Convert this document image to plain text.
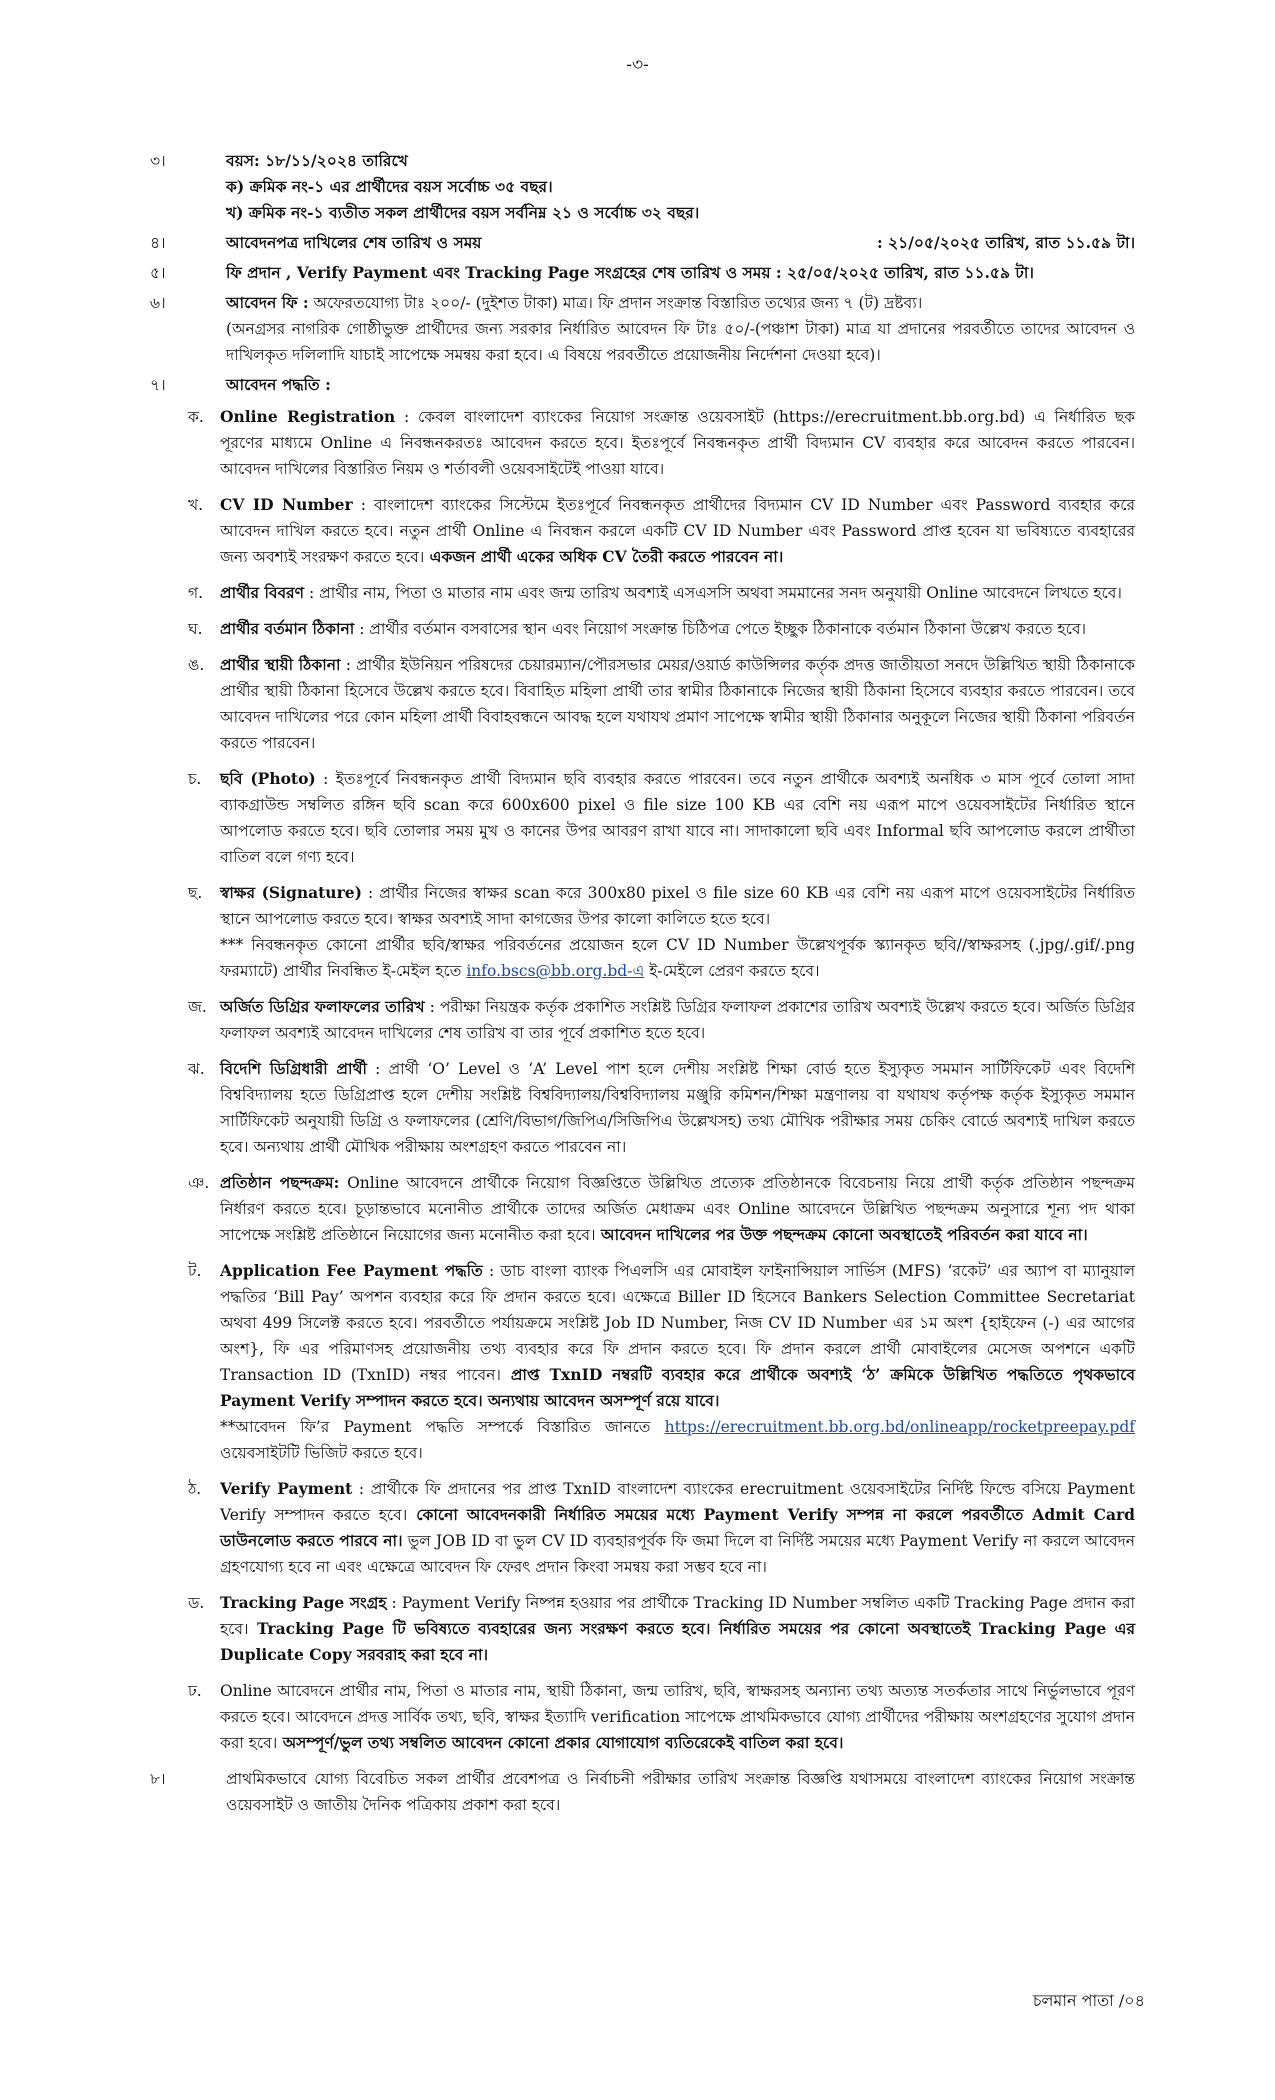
-৩-
৩।	বয়স: ১৮/১১/২০২৪ তারিখে
ক) ক্রমিক নং-১ এর প্রার্থীদের বয়স সর্বোচ্চ ৩৫ বছর।
খ) ক্রমিক নং-১ ব্যতীত সকল প্রার্থীদের বয়স সর্বনিম্ন ২১ ও সর্বোচ্চ ৩২ বছর।
৪।	: ২১/০৫/২০২৫ তারিখ, রাত ১১.৫৯ টা।
আবেদনপত্র দাখিলের শেষ তারিখ ও সময়
৫।	ফি প্রদান , Verify Payment এবং Tracking Page সংগ্রহের শেষ তারিখ ও সময় : ২৫/০৫/২০২৫ তারিখ, রাত ১১.৫৯ টা।
৬।	আবেদন ফি : অফেরতযোগ্য টাঃ ২০০/- (দুইশত টাকা) মাত্র। ফি প্রদান সংক্রান্ত বিস্তারিত তথ্যের জন্য ৭ (ট) দ্রষ্টব্য।
(অনগ্রসর নাগরিক গোষ্ঠীভুক্ত প্রার্থীদের জন্য সরকার নির্ধারিত আবেদন ফি টাঃ ৫০/-(পঞ্চাশ টাকা) মাত্র যা প্রদানের পরবর্তীতে তাদের আবেদন ও দাখিলকৃত দলিলাদি যাচাই সাপেক্ষে সমন্বয় করা হবে। এ বিষয়ে পরবর্তীতে প্রয়োজনীয় নির্দেশনা দেওয়া হবে)।
৭।	আবেদন পদ্ধতি :
ক.	Online Registration : কেবল বাংলাদেশ ব্যাংকের নিয়োগ সংক্রান্ত ওয়েবসাইট (https://erecruitment.bb.org.bd) এ নির্ধারিত ছক পূরণের মাধ্যমে Online এ নিবন্ধনকরতঃ আবেদন করতে হবে। ইতঃপূর্বে নিবন্ধনকৃত প্রার্থী বিদ্যমান CV ব্যবহার করে আবেদন করতে পারবেন। আবেদন দাখিলের বিস্তারিত নিয়ম ও শর্তাবলী ওয়েবসাইটেই পাওয়া যাবে।
খ.	CV ID Number : বাংলাদেশ ব্যাংকের সিস্টেমে ইতঃপূর্বে নিবন্ধনকৃত প্রার্থীদের বিদ্যমান CV ID Number এবং Password ব্যবহার করে আবেদন দাখিল করতে হবে। নতুন প্রার্থী Online এ নিবন্ধন করলে একটি CV ID Number এবং Password প্রাপ্ত হবেন যা ভবিষ্যতে ব্যবহারের জন্য অবশ্যই সংরক্ষণ করতে হবে। একজন প্রার্থী একের অধিক CV তৈরী করতে পারবেন না।
গ.	প্রার্থীর বিবরণ : প্রার্থীর নাম, পিতা ও মাতার নাম এবং জন্ম তারিখ অবশ্যই এসএসসি অথবা সমমানের সনদ অনুযায়ী Online আবেদনে লিখতে হবে।
ঘ.	প্রার্থীর বর্তমান ঠিকানা : প্রার্থীর বর্তমান বসবাসের স্থান এবং নিয়োগ সংক্রান্ত চিঠিপত্র পেতে ইচ্ছুক ঠিকানাকে বর্তমান ঠিকানা উল্লেখ করতে হবে।
ঙ.	প্রার্থীর স্থায়ী ঠিকানা : প্রার্থীর ইউনিয়ন পরিষদের চেয়ারম্যান/পৌরসভার মেয়র/ওয়ার্ড কাউন্সিলর কর্তৃক প্রদত্ত জাতীয়তা সনদে উল্লিখিত স্থায়ী ঠিকানাকে প্রার্থীর স্থায়ী ঠিকানা হিসেবে উল্লেখ করতে হবে। বিবাহিত মহিলা প্রার্থী তার স্বামীর ঠিকানাকে নিজের স্থায়ী ঠিকানা হিসেবে ব্যবহার করতে পারবেন। তবে আবেদন দাখিলের পরে কোন মহিলা প্রার্থী বিবাহবন্ধনে আবদ্ধ হলে যথাযথ প্রমাণ সাপেক্ষে স্বামীর স্থায়ী ঠিকানার অনুকূলে নিজের স্থায়ী ঠিকানা পরিবর্তন করতে পারবেন।
চ.	ছবি (Photo) : ইতঃপূর্বে নিবন্ধনকৃত প্রার্থী বিদ্যমান ছবি ব্যবহার করতে পারবেন। তবে নতুন প্রার্থীকে অবশ্যই অনধিক ৩ মাস পূর্বে তোলা সাদা ব্যাকগ্রাউন্ড সম্বলিত রঙ্গিন ছবি scan করে 600x600 pixel ও file size 100 KB এর বেশি নয় এরূপ মাপে ওয়েবসাইটের নির্ধারিত স্থানে আপলোড করতে হবে। ছবি তোলার সময় মুখ ও কানের উপর আবরণ রাখা যাবে না। সাদাকালো ছবি এবং Informal ছবি আপলোড করলে প্রার্থীতা বাতিল বলে গণ্য হবে।
ছ.	স্বাক্ষর (Signature) : প্রার্থীর নিজের স্বাক্ষর scan করে 300x80 pixel ও file size 60 KB এর বেশি নয় এরূপ মাপে ওয়েবসাইটের নির্ধারিত স্থানে আপলোড করতে হবে। স্বাক্ষর অবশ্যই সাদা কাগজের উপর কালো কালিতে হতে হবে।
*** নিবন্ধনকৃত কোনো প্রার্থীর ছবি/স্বাক্ষর পরিবর্তনের প্রয়োজন হলে CV ID Number উল্লেখপূর্বক স্ক্যানকৃত ছবি//স্বাক্ষরসহ (.jpg/.gif/.png ফরম্যাটে) প্রার্থীর নিবন্ধিত ই-মেইল হতে info.bscs@bb.org.bd-এ ই-মেইলে প্রেরণ করতে হবে।
জ. অর্জিত ডিগ্রির ফলাফলের তারিখ : পরীক্ষা নিয়ন্ত্রক কর্তৃক প্রকাশিত সংশ্লিষ্ট ডিগ্রির ফলাফল প্রকাশের তারিখ অবশ্যই উল্লেখ করতে হবে। অর্জিত ডিগ্রির ফলাফল অবশ্যই আবেদন দাখিলের শেষ তারিখ বা তার পূর্বে প্রকাশিত হতে হবে।
ঝ. বিদেশি ডিগ্রিধারী প্রার্থী : প্রার্থী ‘O’ Level ও ‘A’ Level পাশ হলে দেশীয় সংশ্লিষ্ট শিক্ষা বোর্ড হতে ইস্যুকৃত সমমান সার্টিফিকেট এবং বিদেশি বিশ্ববিদ্যালয় হতে ডিগ্রিপ্রাপ্ত হলে দেশীয় সংশ্লিষ্ট বিশ্ববিদ্যালয়/বিশ্ববিদ্যালয় মঞ্জুরি কমিশন/শিক্ষা মন্ত্রণালয় বা যথাযথ কর্তৃপক্ষ কর্তৃক ইস্যুকৃত সমমান সার্টিফিকেট অনুযায়ী ডিগ্রি ও ফলাফলের (শ্রেণি/বিভাগ/জিপিএ/সিজিপিএ উল্লেখসহ) তথ্য মৌখিক পরীক্ষার সময় চেকিং বোর্ডে অবশ্যই দাখিল করতে হবে। অন্যথায় প্রার্থী মৌখিক পরীক্ষায় অংশগ্রহণ করতে পারবেন না।
ঞ. প্রতিষ্ঠান পছন্দক্রম: Online আবেদনে প্রার্থীকে নিয়োগ বিজ্ঞপ্তিতে উল্লিখিত প্রত্যেক প্রতিষ্ঠানকে বিবেচনায় নিয়ে প্রার্থী কর্তৃক প্রতিষ্ঠান পছন্দক্রম নির্ধারণ করতে হবে। চূড়ান্তভাবে মনোনীত প্রার্থীকে তাদের অর্জিত মেধাক্রম এবং Online আবেদনে উল্লিখিত পছন্দক্রম অনুসারে শূন্য পদ থাকা সাপেক্ষে সংশ্লিষ্ট প্রতিষ্ঠানে নিয়োগের জন্য মনোনীত করা হবে। আবেদন দাখিলের পর উক্ত পছন্দক্রম কোনো অবস্থাতেই পরিবর্তন করা যাবে না।
ট.	Application Fee Payment পদ্ধতি : ডাচ বাংলা ব্যাংক পিএলসি এর মোবাইল ফাইনান্সিয়াল সার্ভিস (MFS) ‘রকেট’ এর অ্যাপ বা ম্যানুয়াল পদ্ধতির ‘Bill Pay’ অপশন ব্যবহার করে ফি প্রদান করতে হবে। এক্ষেত্রে Biller ID হিসেবে Bankers Selection Committee Secretariat অথবা 499 সিলেক্ট করতে হবে। পরবর্তীতে পর্যায়ক্রমে সংশ্লিষ্ট Job ID Number, নিজ CV ID Number এর ১ম অংশ {হাইফেন (-) এর আগের অংশ}, ফি এর পরিমাণসহ প্রয়োজনীয় তথ্য ব্যবহার করে ফি প্রদান করতে হবে। ফি প্রদান করলে প্রার্থী মোবাইলের মেসেজ অপশনে একটি Transaction ID (TxnID) নম্বর পাবেন। প্রাপ্ত TxnID নম্বরটি ব্যবহার করে প্রার্থীকে অবশ্যই ‘ঠ’ ক্রমিকে উল্লিখিত পদ্ধতিতে পৃথকভাবে Payment Verify সম্পাদন করতে হবে। অন্যথায় আবেদন অসম্পূর্ণ রয়ে যাবে।
**আবেদন ফি’র Payment পদ্ধতি সম্পর্কে বিস্তারিত জানতে https://erecruitment.bb.org.bd/onlineapp/rocketpreepay.pdf ওয়েবসাইটটি ভিজিট করতে হবে।
ঠ.	Verify Payment : প্রার্থীকে ফি প্রদানের পর প্রাপ্ত TxnID বাংলাদেশ ব্যাংকের erecruitment ওয়েবসাইটের নির্দিষ্ট ফিল্ডে বসিয়ে Payment Verify সম্পাদন করতে হবে। কোনো আবেদনকারী নির্ধারিত সময়ের মধ্যে Payment Verify সম্পন্ন না করলে পরবর্তীতে Admit Card ডাউনলোড করতে পারবে না। ভুল JOB ID বা ভুল CV ID ব্যবহারপূর্বক ফি জমা দিলে বা নির্দিষ্ট সময়ের মধ্যে Payment Verify না করলে আবেদন গ্রহণযোগ্য হবে না এবং এক্ষেত্রে আবেদন ফি ফেরৎ প্রদান কিংবা সমন্বয় করা সম্ভব হবে না।
ড.	Tracking Page সংগ্রহ : Payment Verify নিষ্পন্ন হওয়ার পর প্রার্থীকে Tracking ID Number সম্বলিত একটি Tracking Page প্রদান করা হবে। Tracking Page টি ভবিষ্যতে ব্যবহারের জন্য সংরক্ষণ করতে হবে। নির্ধারিত সময়ের পর কোনো অবস্থাতেই Tracking Page এর Duplicate Copy সরবরাহ করা হবে না।
ঢ.	Online আবেদনে প্রার্থীর নাম, পিতা ও মাতার নাম, স্থায়ী ঠিকানা, জন্ম তারিখ, ছবি, স্বাক্ষরসহ অন্যান্য তথ্য অত্যন্ত সতর্কতার সাথে নির্ভুলভাবে পূরণ করতে হবে। আবেদনে প্রদত্ত সার্বিক তথ্য, ছবি, স্বাক্ষর ইত্যাদি verification সাপেক্ষে প্রাথমিকভাবে যোগ্য প্রার্থীদের পরীক্ষায় অংশগ্রহণের সুযোগ প্রদান করা হবে। অসম্পূর্ণ/ভুল তথ্য সম্বলিত আবেদন কোনো প্রকার যোগাযোগ ব্যতিরেকেই বাতিল করা হবে।
৮।	প্রাথমিকভাবে যোগ্য বিবেচিত সকল প্রার্থীর প্রবেশপত্র ও নির্বাচনী পরীক্ষার তারিখ সংক্রান্ত বিজ্ঞপ্তি যথাসময়ে বাংলাদেশ ব্যাংকের নিয়োগ সংক্রান্ত ওয়েবসাইট ও জাতীয় দৈনিক পত্রিকায় প্রকাশ করা হবে।
চলমান পাতা /০৪
